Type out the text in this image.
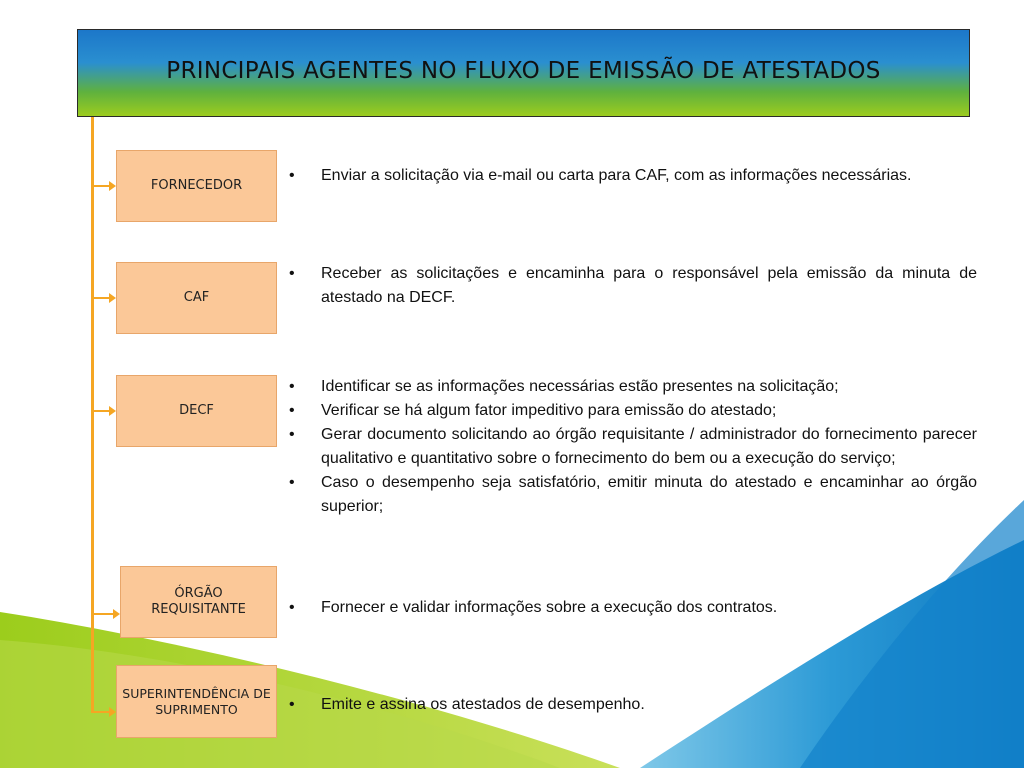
PRINCIPAIS AGENTES NO FLUXO DE EMISSÃO DE ATESTADOS
FORNECEDOR
CAF
DECF
ÓRGÃO REQUISITANTE
SUPERINTENDÊNCIA DE SUPRIMENTO
• Enviar a solicitação via e-mail ou carta para CAF, com as informações necessárias.
• Receber as solicitações e encaminha para o responsável pela emissão da minuta de atestado na DECF.
• Identificar se as informações necessárias estão presentes na solicitação;
• Verificar se há algum fator impeditivo para emissão do atestado;
• Gerar documento solicitando ao órgão requisitante / administrador do fornecimento parecer qualitativo e quantitativo sobre o fornecimento do bem ou a execução do serviço;
• Caso o desempenho seja satisfatório, emitir minuta do atestado e encaminhar ao órgão superior;
• Fornecer e validar informações sobre a execução dos contratos.
• Emite e assina os atestados de desempenho.
